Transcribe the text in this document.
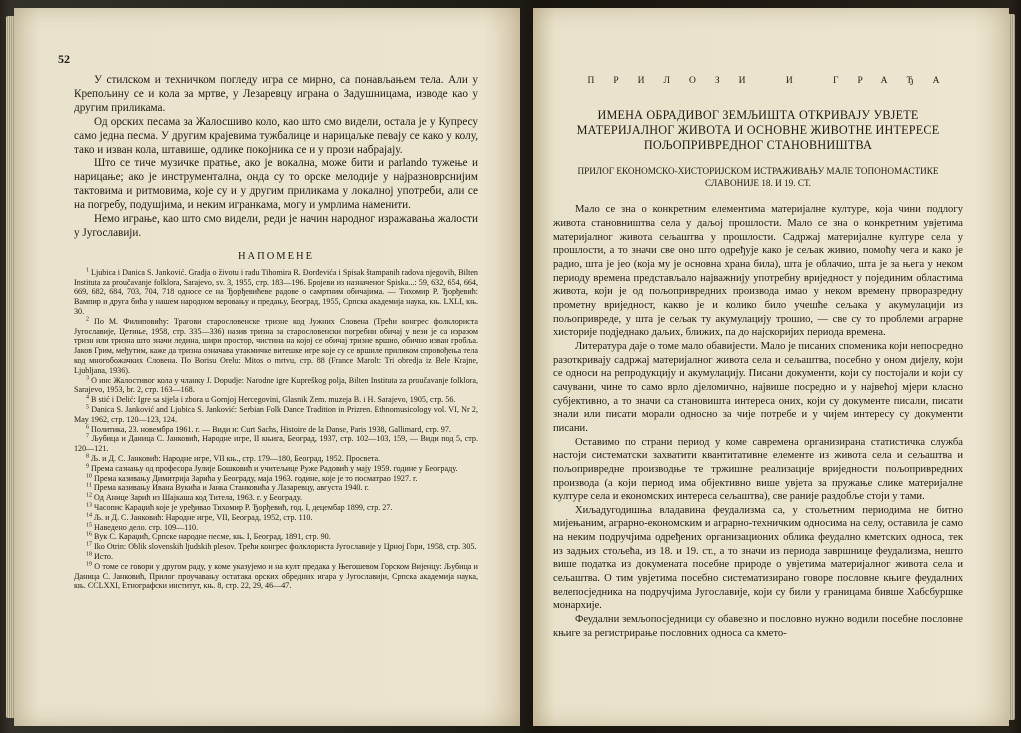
52

У стилском и техничком погледу игра се мирно, са понављањем тела. Али у Крепољину се и кола за мртве, у Лезаревцу играна о Задушницама, изводе као у другим приликама.

Од орских песама за Жалосшиво коло, као што смо видели, остала је у Купресу само једна песма. У другим крајевима тужбалице и нарицаљке певају се како у колу, тако и изван кола, штавише, одлике покојника се и у прози набрајају.

Што се тиче музичке пратње, ако је вокална, може бити и parlando тужење и нарицање; ако је инструментална, онда су то орске мелодије у најразноврснијим тактовима и ритмовима, које су и у другим приликама у локалној употреби, али се на погребу, подушјима, и неким игранкама, могу и умрлима наменити.

Немо играње, као што смо видели, реди је начин народног изражавања жалости у Југославији.

НАПОМЕНЕ

$^1$ Ljubica i Danica S. Janković. Gradja o životu i radu Tihomira R. Đorđevića i Spisak štampanih radova njegovih, Bilten Instituta za proučavanje folklora, Sarajevo, sv. 3, 1955, стр. 183—196. Бројеви из назначеног Spiska...: 59, 632, 654, 664, 669, 682, 684, 703, 704, 718 односе се на Ђорђевићеве радове о самртним обичајима. — Тихомир Р. Ђорђевић: Вампир и друга бића у нашем народном веровању и предању, Београд, 1955, Српска академија наука, књ. LXLI, књ. 30.

$^2$ По М. Филиповићу: Трагови старословенске тризне код Јужних Словена (Трећи конгрес фолклориста Југославије, Цетиње, 1958, стр. 335—336) назив тризна за старословенски погребни обичај у вези је са изразом тризн или тризна што значи ледина, шири простор, чистина на којој се обичај тризне вршио, обично изван гробља. Јаков Грим, међутим, каже да тризна означава утакмичке витешке игре које су се вршиле приликом спровођења тела код многобожачких Словена. По Borisu Orelu: Mitos o mrtvu, стр. 88 (France Marolt: Tri obredja iz Bele Krajne, Ljubljana, 1936).

$^3$ О инс Жалостивог кола у чланку J. Dopudje: Narodne igre Kupreškog polja, Bilten Instituta za proučavanje folklora, Sarajevo, 1953, br. 2, стр. 163—168.

$^4$ В stić i Delić: Igre sa sijela i zbora u Gornjoj Hercegovini, Glasnik Zem. muzeja B. i H. Sarajevo, 1905, стр. 56.

$^5$ Danica S. Janković and Ljubica S. Janković: Serbian Folk Dance Tradition in Prizren. Ethnomusicology vol. VI, Nr 2, May 1962, стр. 120—123, 124.

$^6$ Политика, 23. новембра 1961. г. — Види и: Curt Sachs, Histoire de la Danse, Paris 1938, Gallimard, стр. 97.

$^7$ Љубица и Даница С. Јанковић, Народне игре, II књига, Београд, 1937, стр. 102—103, 159, — Види под 5, стр. 120—121.

$^8$ Љ. и Д. С. Јанковић: Народне игре, VII књ., стр. 179—180, Београд, 1952. Просвета.

$^9$ Према сазнању од професора Јулије Бошковић и учитељице Руже Радовић у мају 1959. године у Београду.

$^{10}$ Према казивању Димитрија Зарића у Београду, маја 1963. године, које је то посматрао 1927. г.

$^{11}$ Према казивању Ивана Вукића и Јанка Станковића у Лазаревцу, августа 1940. г.

$^{12}$ Од Анице Зарић из Шајкаша код Титела, 1963. г. у Београду.

$^{13}$ Часопис Караџић које је уређивао Тихомир Р. Ђорђевић, год. I, децембар 1899, стр. 27.

$^{14}$ Љ. и Д. С. Јанковић: Народне игре, VII, Београд, 1952, стр. 110.

$^{15}$ Наведено дело. стр. 109—110.

$^{16}$ Вук С. Караџић, Српске народне песме, књ. I, Београд, 1891, стр. 90.

$^{17}$ Iko Otrin: Oblik slovenskih ljudskih plesov. Трећи конгрес фолклориста Југославије у Црној Гори, 1958, стр. 305.

$^{18}$ Исто.

$^{19}$ О томе се говори у другом раду, у коме указујемо и на култ предака у Његошевом Горском Вијенцу: Љубица и Даница С. Јанковић, Прилог проучавању остатака орских обредних игара у Југославији, Српска академија наука, књ. CCLXXI, Етнографски институт, књ. 8, стр. 22, 29, 46—47.

ПРИЛОЗИ И ГРАЂА
ИМЕНА ОБРАДИВОГ ЗЕМЉИШТА ОТКРИВАЈУ УВЈЕТЕ МАТЕРИЈАЛНОГ ЖИВОТА И ОСНОВНЕ ЖИВОТНЕ ИНТЕРЕСЕ ПОЉОПРИВРЕДНОГ СТАНОВНИШТВА
ПРИЛОГ ЕКОНОМСКО-ХИСТОРИЈСКОМ ИСТРАЖИВАЊУ МАЛЕ ТОПОНОМАСТИКЕ СЛАВОНИЈЕ 18. И 19. СТ.

Мало се зна о конкретним елементима материјалне културе, која чини подлогу живота становништва села у даљој прошлости. Мало се зна о конкретним увјетима материјалног живота сељаштва у прошлости. Садржај материјалне културе села у прошлости, а то значи све оно што одређује како је сељак живио, помоћу чега и како је радио, шта је јео (која му је основна храна била), шта је облачио, шта је за њега у неком периоду времена представљало најважнију употребну вриједност у појединим областима живота, који је од пољопривредних производа имао у неком времену прворазредну прометну вриједност, какво је и колико било учешће сељака у акумулацији из пољопривреде, у шта је сељак ту акумулацију трошио, — све су то проблеми аграрне хисторије подједнако даљих, ближих, па до најскоријих периода времена.

Литература даје о томе мало обавијести. Мало је писаних споменика који непосредно разоткривају садржај материјалног живота села и сељаштва, посебно у оном дијелу, који се односи на репродукцију и акумулацију. Писани документи, који су постојали и који су сачувани, чине то само врло дјеломично, највише посредно и у највећој мјери класно субјективно, а то значи са становишта интереса оних, који су документе писали, писати знали или писати морали односно за чије потребе и у чијем интересу су документи писани.

Оставимо по страни период у коме савремена организирана статистичка служба настоји систематски захватити квантитативне елементе из живота села и сељаштва и пољопривредне производње те тржишне реализације вриједности пољопривредних производа (а који период има објективно више увјета за пружање слике материјалне културе села и економских интереса сељаштва), све раније раздобље стоји у тами.

Хиљадугодишња владавина феудализма са, у стољетним периодима не битно мијењаним, аграрно-економским и аграрно-техничким односима на селу, оставила је само на неким подручјима одређених организационих облика феудално кметских односа, тек из задњих стољећа, из 18. и 19. ст., а то значи из периода завршнице феудализма, нешто више податка из докумената посебне природе о увјетима материјалног живота села и сељаштва. О тим увјетима посебно систематизирано говоре пословне књиге феудалних велепосједника на подручјима Југославије, који су били у границама бивше Хабсбуршке монархије.

Феудални земљопосједници су обавезно и пословно нужно водили посебне пословне књиге за регистрирање пословних односа са кмето-
